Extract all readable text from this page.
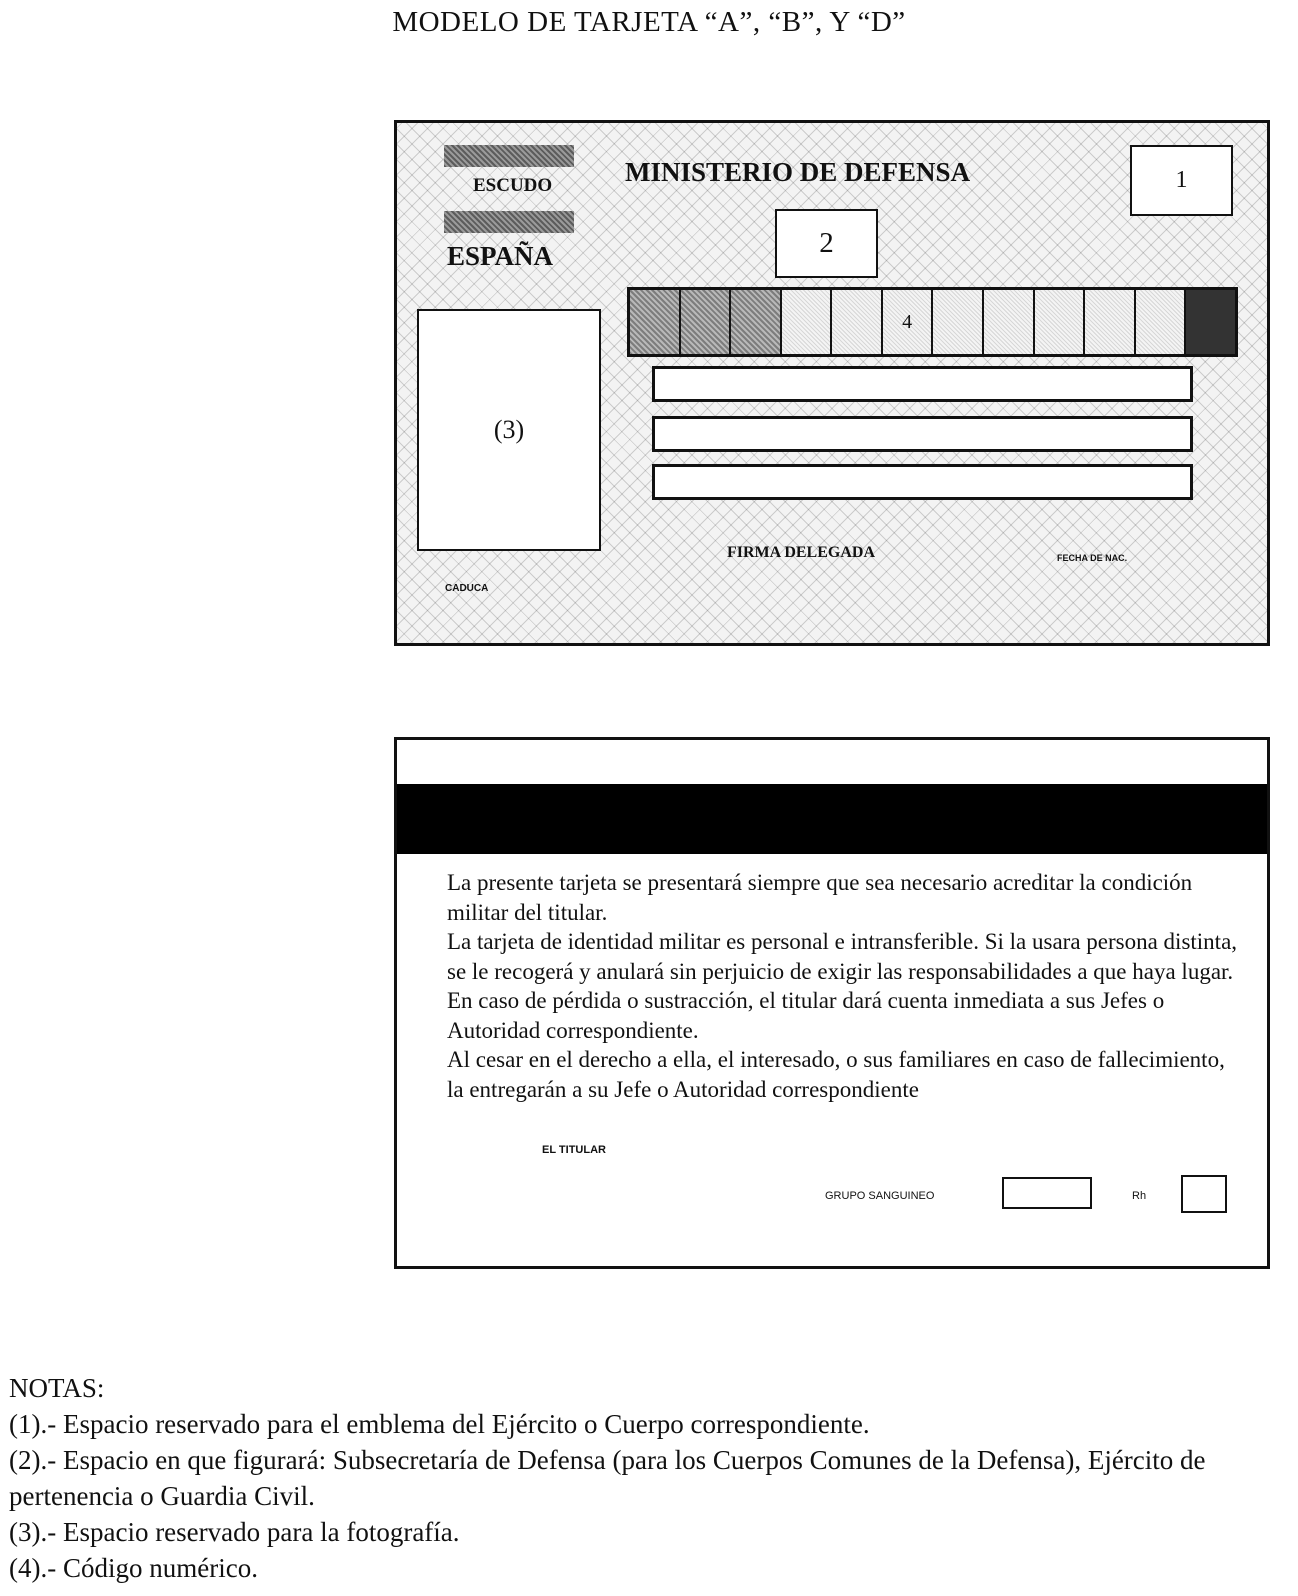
MODELO DE TARJETA “A”, “B”, Y “D”
ESCUDO
ESPAÑA
MINISTERIO DE DEFENSA	1
2
4
(3)
FIRMA DELEGADA	FECHA DE NAC.
CADUCA

La presente tarjeta se presentará siempre que sea necesario acreditar la condición militar del titular.

La tarjeta de identidad militar es personal e intransferible. Si la usara persona distinta, se le recogerá y anulará sin perjuicio de exigir las responsabilidades a que haya lugar.

En caso de pérdida o sustracción, el titular dará cuenta inmediata a sus Jefes o Autoridad correspondiente.

Al cesar en el derecho a ella, el interesado, o sus familiares en caso de fallecimiento, la entregarán a su Jefe o Autoridad correspondiente

EL TITULAR
GRUPO SANGUINEO	Rh

NOTAS:

(1).- Espacio reservado para el emblema del Ejército o Cuerpo correspondiente.

(2).- Espacio en que figurará: Subsecretaría de Defensa (para los Cuerpos Comunes de la Defensa), Ejército de pertenencia o Guardia Civil.

(3).- Espacio reservado para la fotografía.

(4).- Código numérico.
